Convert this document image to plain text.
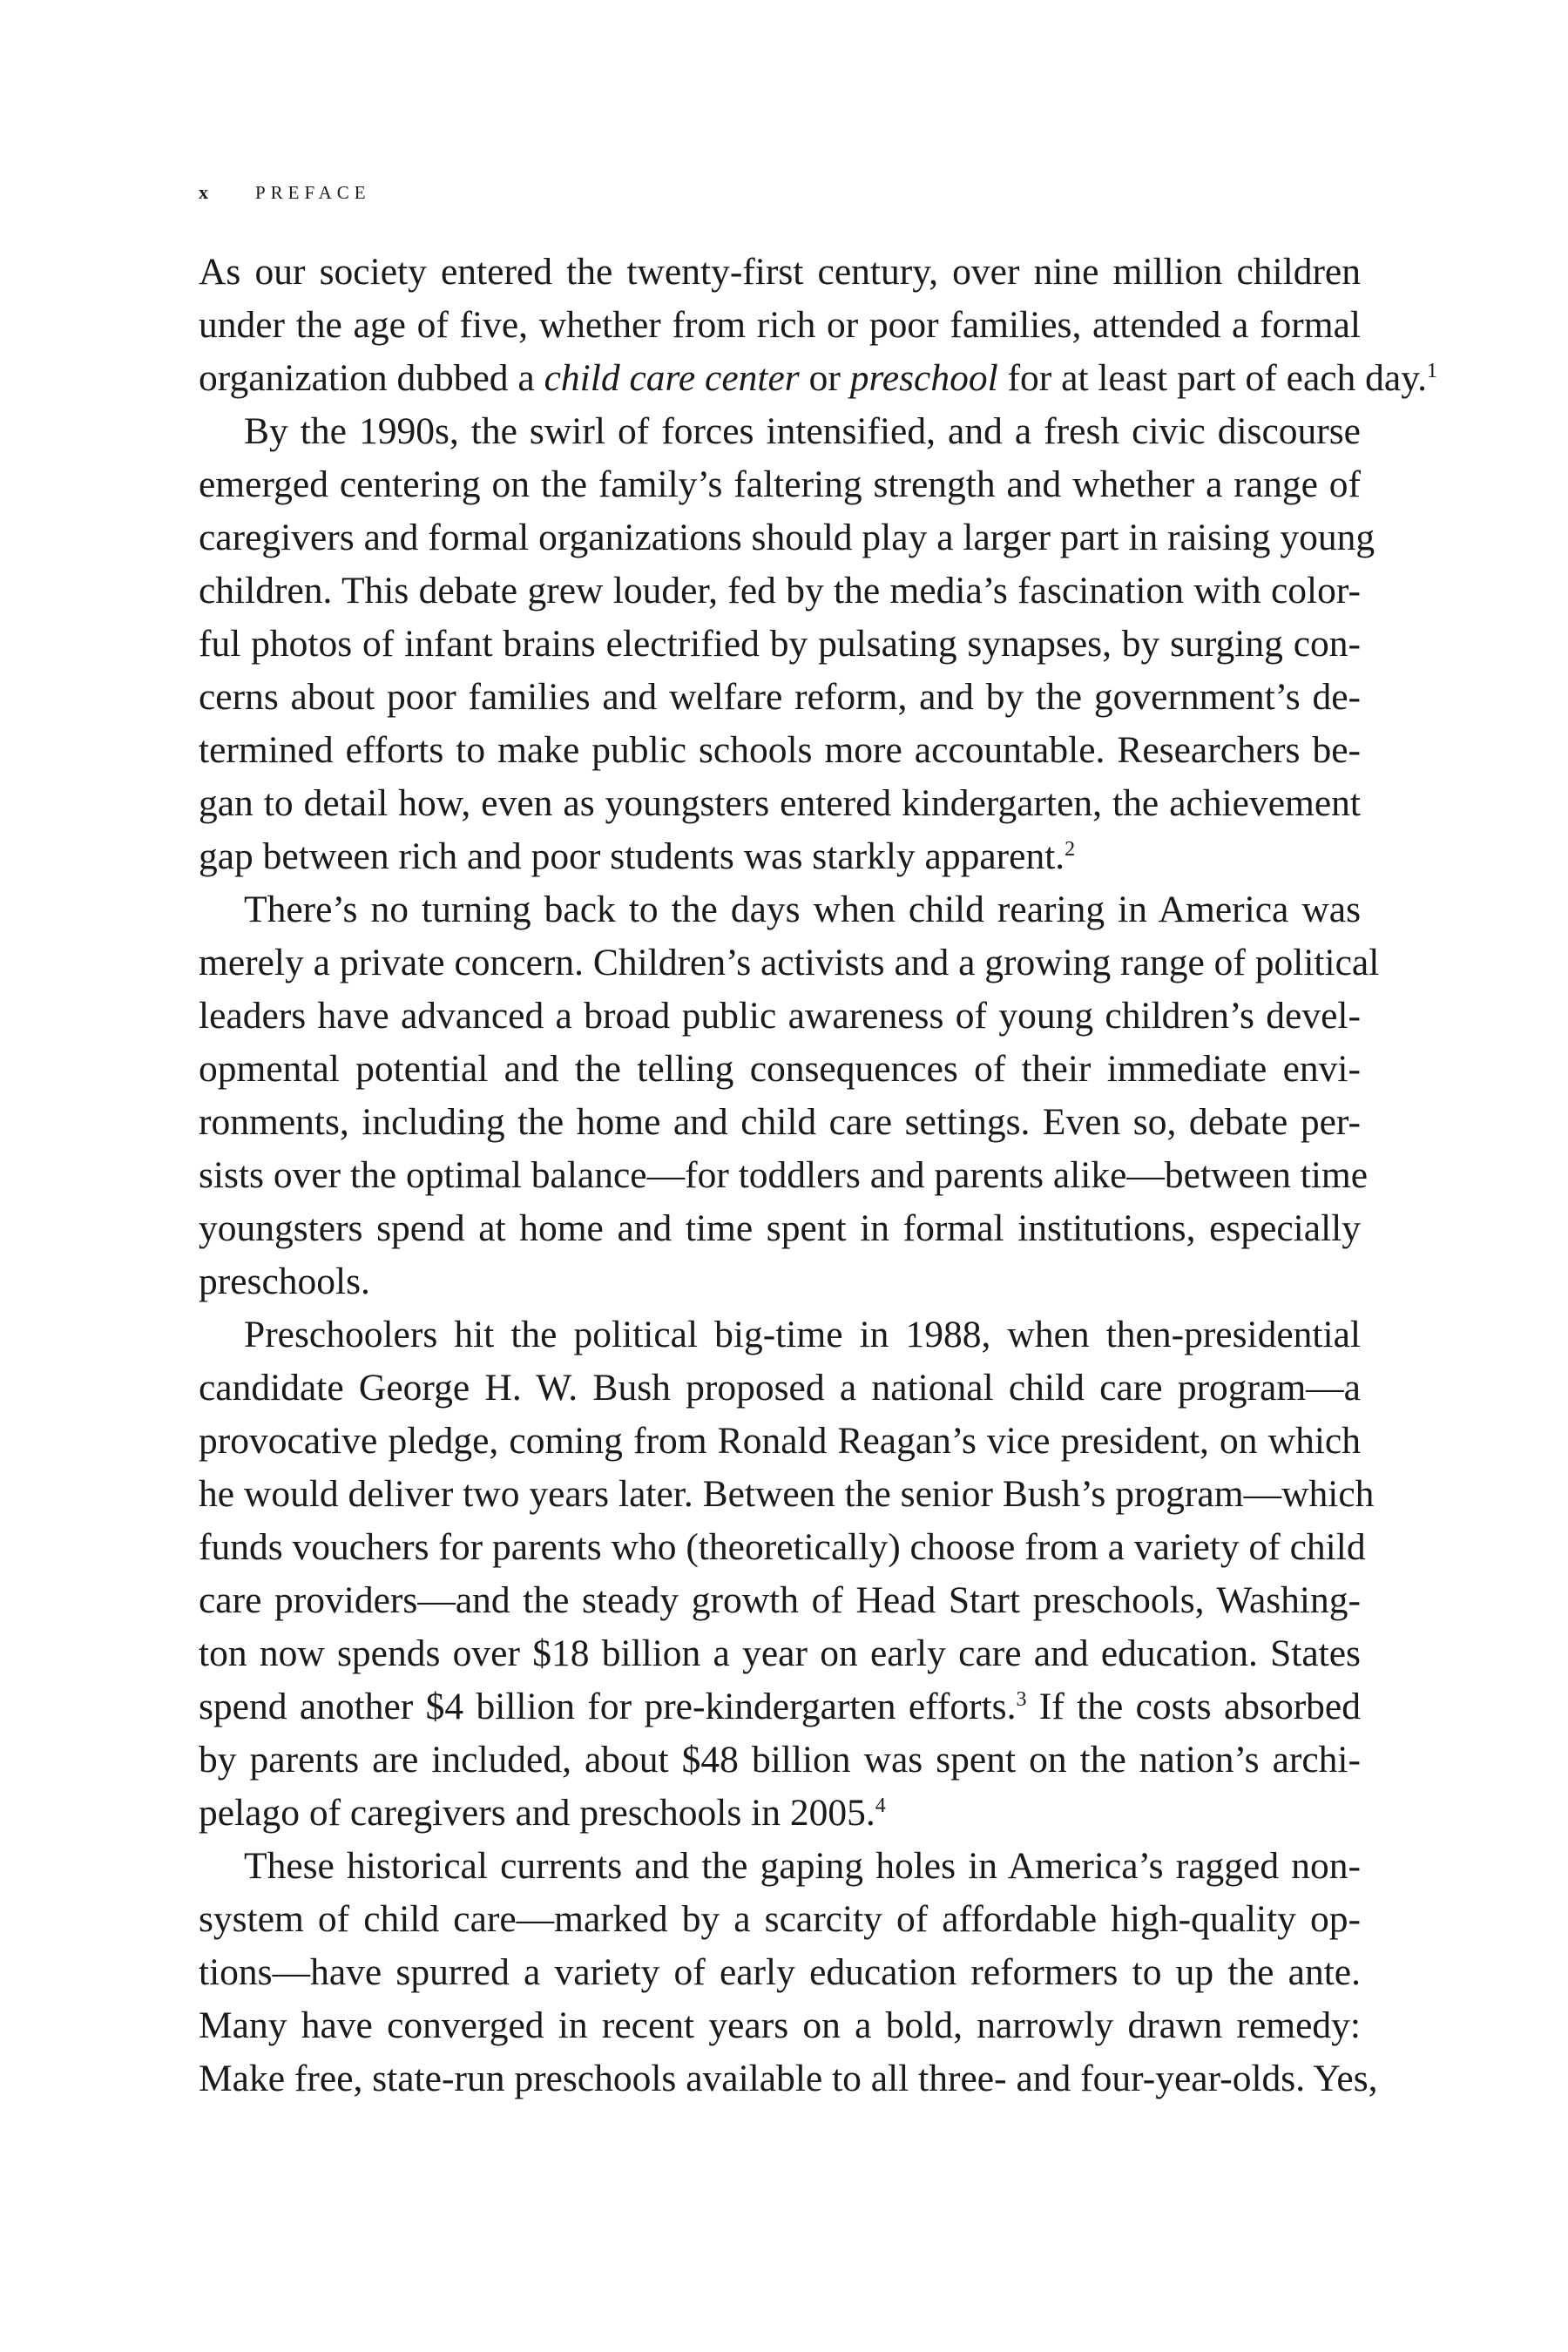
x	PREFACE
As our society entered the twenty-first century, over nine million children
under the age of five, whether from rich or poor families, attended a formal
organization dubbed a child care center or preschool for at least part of each day.$^1$
By the 1990s, the swirl of forces intensified, and a fresh civic discourse
emerged centering on the family’s faltering strength and whether a range of
caregivers and formal organizations should play a larger part in raising young
children. This debate grew louder, fed by the media’s fascination with color-
ful photos of infant brains electrified by pulsating synapses, by surging con-
cerns about poor families and welfare reform, and by the government’s de-
termined efforts to make public schools more accountable. Researchers be-
gan to detail how, even as youngsters entered kindergarten, the achievement
gap between rich and poor students was starkly apparent.$^2$
There’s no turning back to the days when child rearing in America was
merely a private concern. Children’s activists and a growing range of political
leaders have advanced a broad public awareness of young children’s devel-
opmental potential and the telling consequences of their immediate envi-
ronments, including the home and child care settings. Even so, debate per-
sists over the optimal balance—for toddlers and parents alike—between time
youngsters spend at home and time spent in formal institutions, especially
preschools.
Preschoolers hit the political big-time in 1988, when then-presidential
candidate George H. W. Bush proposed a national child care program—a
provocative pledge, coming from Ronald Reagan’s vice president, on which
he would deliver two years later. Between the senior Bush’s program—which
funds vouchers for parents who (theoretically) choose from a variety of child
care providers—and the steady growth of Head Start preschools, Washing-
ton now spends over $18 billion a year on early care and education. States
spend another $4 billion for pre-kindergarten efforts.$^3$ If the costs absorbed
by parents are included, about $48 billion was spent on the nation’s archi-
pelago of caregivers and preschools in 2005.$^4$
These historical currents and the gaping holes in America’s ragged non-
system of child care—marked by a scarcity of affordable high-quality op-
tions—have spurred a variety of early education reformers to up the ante.
Many have converged in recent years on a bold, narrowly drawn remedy:
Make free, state-run preschools available to all three- and four-year-olds. Yes,
